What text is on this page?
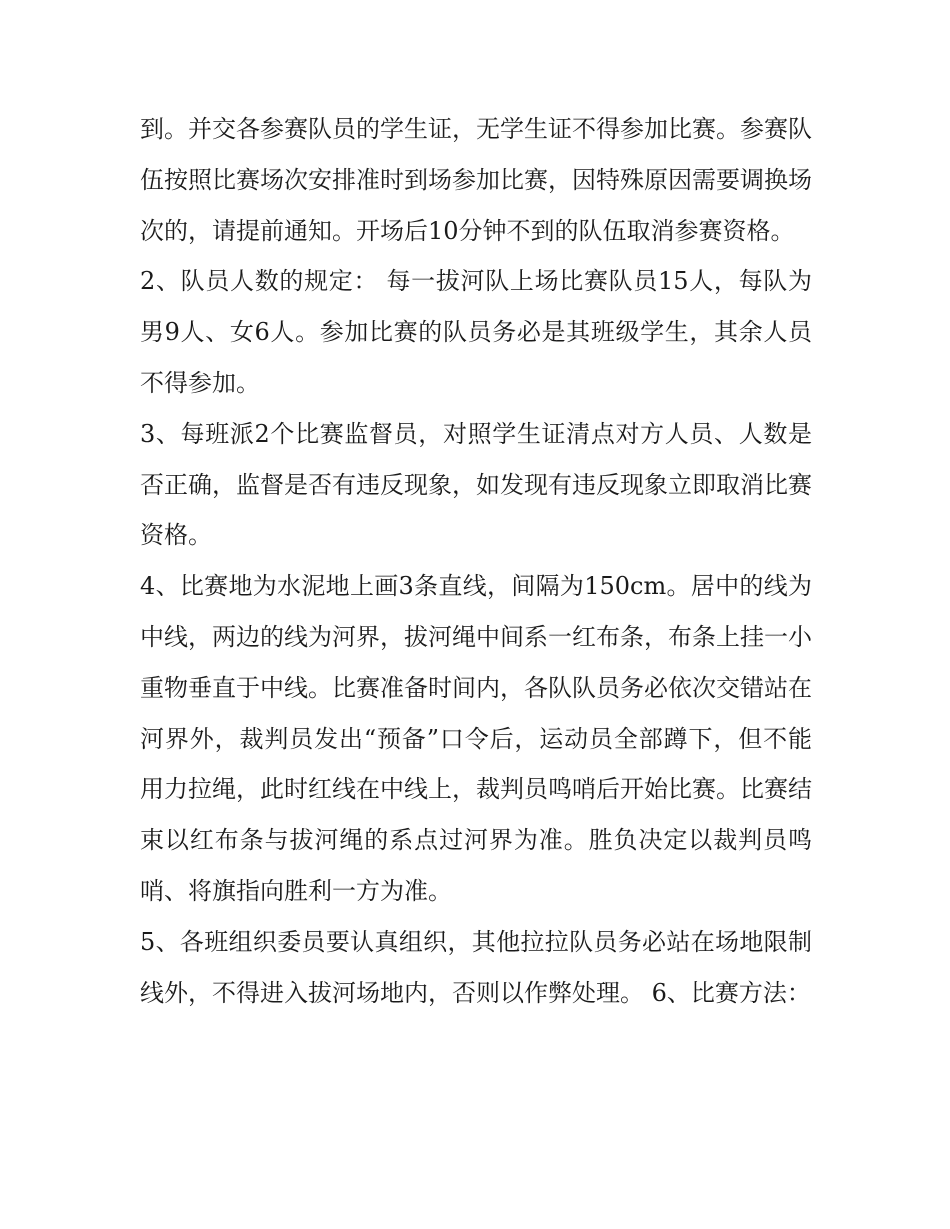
到。并交各参赛队员的学生证，无学生证不得参加比赛。参赛队伍按照比赛场次安排准时到场参加比赛，因特殊原因需要调换场次的，请提前通知。开场后10分钟不到的队伍取消参赛资格。

2、队员人数的规定： 每一拔河队上场比赛队员15人，每队为男9人、女6人。参加比赛的队员务必是其班级学生，其余人员不得参加。

3、每班派2个比赛监督员，对照学生证清点对方人员、人数是否正确，监督是否有违反现象，如发现有违反现象立即取消比赛资格。

4、比赛地为水泥地上画3条直线，间隔为150cm。居中的线为中线，两边的线为河界，拔河绳中间系一红布条，布条上挂一小重物垂直于中线。比赛准备时间内，各队队员务必依次交错站在河界外，裁判员发出“预备”口令后，运动员全部蹲下，但不能用力拉绳，此时红线在中线上，裁判员鸣哨后开始比赛。比赛结束以红布条与拔河绳的系点过河界为准。胜负决定以裁判员鸣哨、将旗指向胜利一方为准。

5、各班组织委员要认真组织，其他拉拉队员务必站在场地限制线外，不得进入拔河场地内，否则以作弊处理。 6、比赛方法：
